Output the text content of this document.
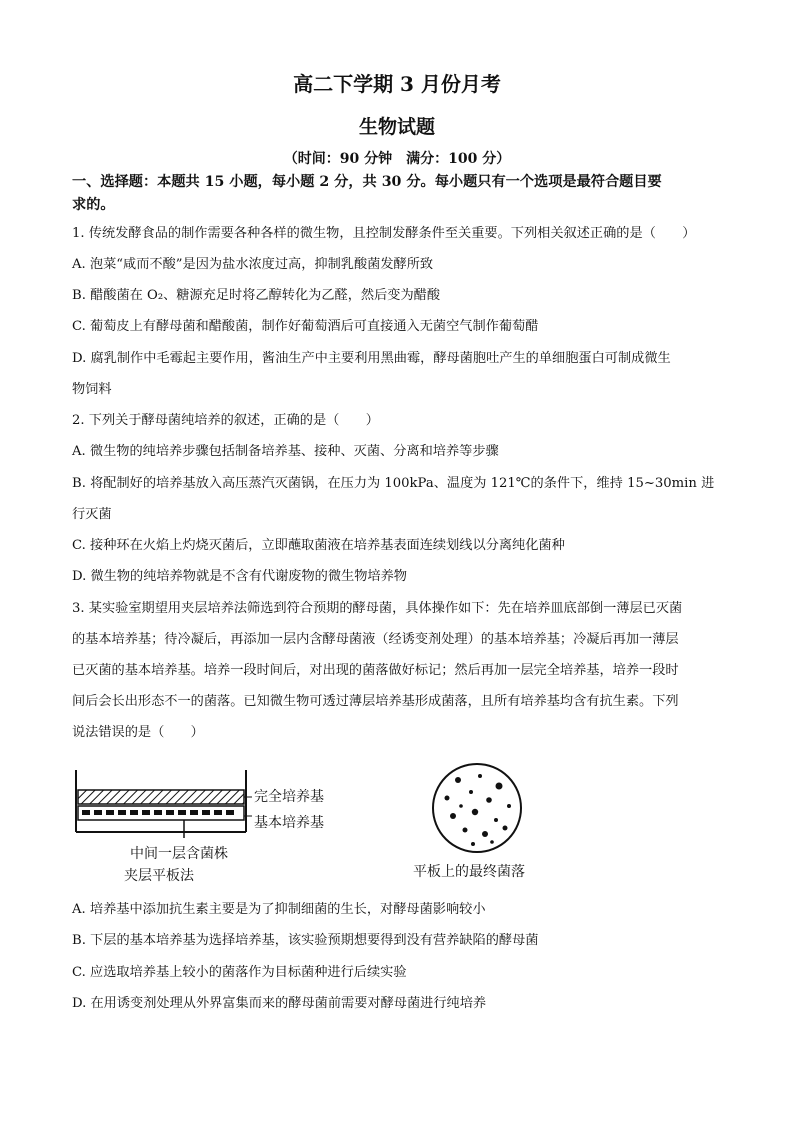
高二下学期 3 月份月考
生物试题
（时间：90 分钟　满分：100 分）
一、选择题：本题共 15 小题，每小题 2 分，共 30 分。每小题只有一个选项是最符合题目要
求的。
1. 传统发酵食品的制作需要各种各样的微生物，且控制发酵条件至关重要。下列相关叙述正确的是（　　）
A. 泡菜“咸而不酸”是因为盐水浓度过高，抑制乳酸菌发酵所致
B. 醋酸菌在 O₂、糖源充足时将乙醇转化为乙醛，然后变为醋酸
C. 葡萄皮上有酵母菌和醋酸菌，制作好葡萄酒后可直接通入无菌空气制作葡萄醋
D. 腐乳制作中毛霉起主要作用，酱油生产中主要利用黑曲霉，酵母菌胞吐产生的单细胞蛋白可制成微生
物饲料
2. 下列关于酵母菌纯培养的叙述，正确的是（　　）
A. 微生物的纯培养步骤包括制备培养基、接种、灭菌、分离和培养等步骤
B. 将配制好的培养基放入高压蒸汽灭菌锅，在压力为 100kPa、温度为 121℃的条件下，维持 15~30min 进
行灭菌
C. 接种环在火焰上灼烧灭菌后，立即蘸取菌液在培养基表面连续划线以分离纯化菌种
D. 微生物的纯培养物就是不含有代谢废物的微生物培养物
3. 某实验室期望用夹层培养法筛选到符合预期的酵母菌，具体操作如下：先在培养皿底部倒一薄层已灭菌
的基本培养基；待冷凝后，再添加一层内含酵母菌液（经诱变剂处理）的基本培养基；冷凝后再加一薄层
已灭菌的基本培养基。培养一段时间后，对出现的菌落做好标记；然后再加一层完全培养基，培养一段时
间后会长出形态不一的菌落。已知微生物可透过薄层培养基形成菌落，且所有培养基均含有抗生素。下列
说法错误的是（　　）
完全培养基
基本培养基
中间一层含菌株
夹层平板法	平板上的最终菌落
A. 培养基中添加抗生素主要是为了抑制细菌的生长，对酵母菌影响较小
B. 下层的基本培养基为选择培养基，该实验预期想要得到没有营养缺陷的酵母菌
C. 应选取培养基上较小的菌落作为目标菌种进行后续实验
D. 在用诱变剂处理从外界富集而来的酵母菌前需要对酵母菌进行纯培养
